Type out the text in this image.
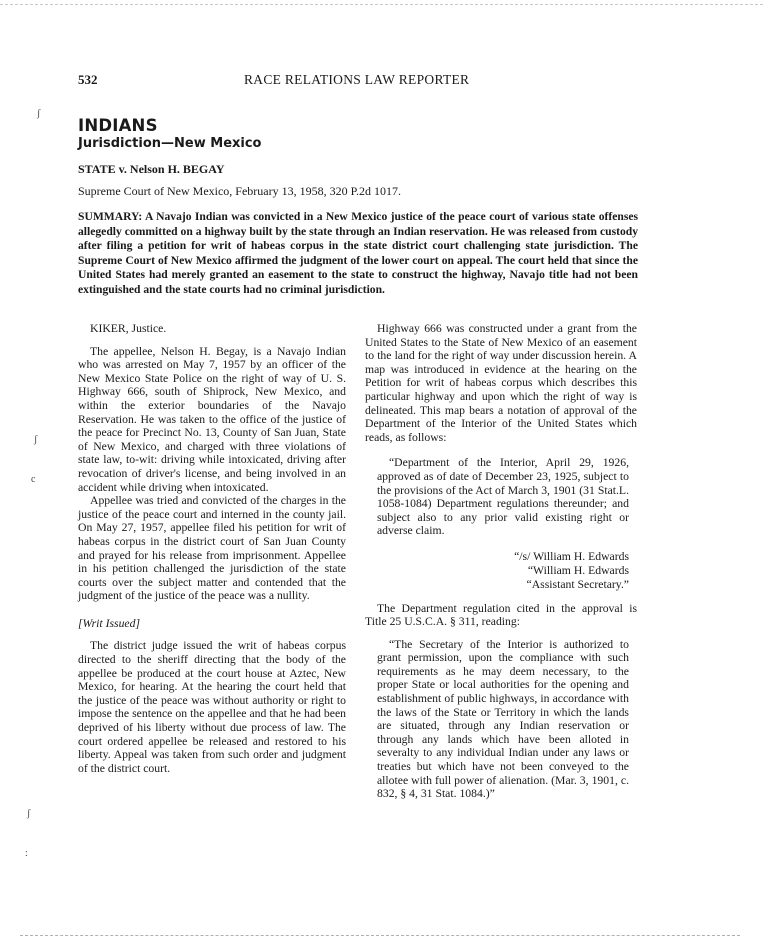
532	RACE RELATIONS LAW REPORTER
INDIANS
Jurisdiction—New Mexico
STATE v. Nelson H. BEGAY
Supreme Court of New Mexico, February 13, 1958, 320 P.2d 1017.

SUMMARY: A Navajo Indian was convicted in a New Mexico justice of the peace court of various state offenses allegedly committed on a highway built by the state through an Indian reservation. He was released from custody after filing a petition for writ of habeas corpus in the state district court challenging state jurisdiction. The Supreme Court of New Mexico affirmed the judgment of the lower court on appeal. The court held that since the United States had merely granted an easement to the state to construct the highway, Navajo title had not been extinguished and the state courts had no criminal jurisdiction.

KIKER, Justice.

The appellee, Nelson H. Begay, is a Navajo Indian who was arrested on May 7, 1957 by an officer of the New Mexico State Police on the right of way of U. S. Highway 666, south of Shiprock, New Mexico, and within the exterior boundaries of the Navajo Reservation. He was taken to the office of the justice of the peace for Precinct No. 13, County of San Juan, State of New Mexico, and charged with three violations of state law, to-wit: driving while intoxicated, driving after revocation of driver's license, and being involved in an accident while driving when intoxicated.

Appellee was tried and convicted of the charges in the justice of the peace court and interned in the county jail. On May 27, 1957, appellee filed his petition for writ of habeas corpus in the district court of San Juan County and prayed for his release from imprisonment. Appellee in his petition challenged the jurisdiction of the state courts over the subject matter and contended that the judgment of the justice of the peace was a nullity.

[Writ Issued]

The district judge issued the writ of habeas corpus directed to the sheriff directing that the body of the appellee be produced at the court house at Aztec, New Mexico, for hearing. At the hearing the court held that the justice of the peace was without authority or right to impose the sentence on the appellee and that he had been deprived of his liberty without due process of law. The court ordered appellee be released and restored to his liberty. Appeal was taken from such order and judgment of the district court.

Highway 666 was constructed under a grant from the United States to the State of New Mexico of an easement to the land for the right of way under discussion herein. A map was introduced in evidence at the hearing on the Petition for writ of habeas corpus which describes this particular highway and upon which the right of way is delineated. This map bears a notation of approval of the Department of the Interior of the United States which reads, as follows:

“Department of the Interior, April 29, 1926, approved as of date of December 23, 1925, subject to the provisions of the Act of March 3, 1901 (31 Stat.L. 1058-1084) Department regulations thereunder; and subject also to any prior valid existing right or adverse claim.

“/s/ William H. Edwards
“William H. Edwards
“Assistant Secretary.”

The Department regulation cited in the approval is Title 25 U.S.C.A. § 311, reading:

“The Secretary of the Interior is authorized to grant permission, upon the compliance with such requirements as he may deem necessary, to the proper State or local authorities for the opening and establishment of public highways, in accordance with the laws of the State or Territory in which the lands are situated, through any Indian reservation or through any lands which have been alloted in severalty to any individual Indian under any laws or treaties but which have not been conveyed to the allotee with full power of alienation. (Mar. 3, 1901, c. 832, § 4, 31 Stat. 1084.)”

ʃ
ʃ
c
ʃ
:
